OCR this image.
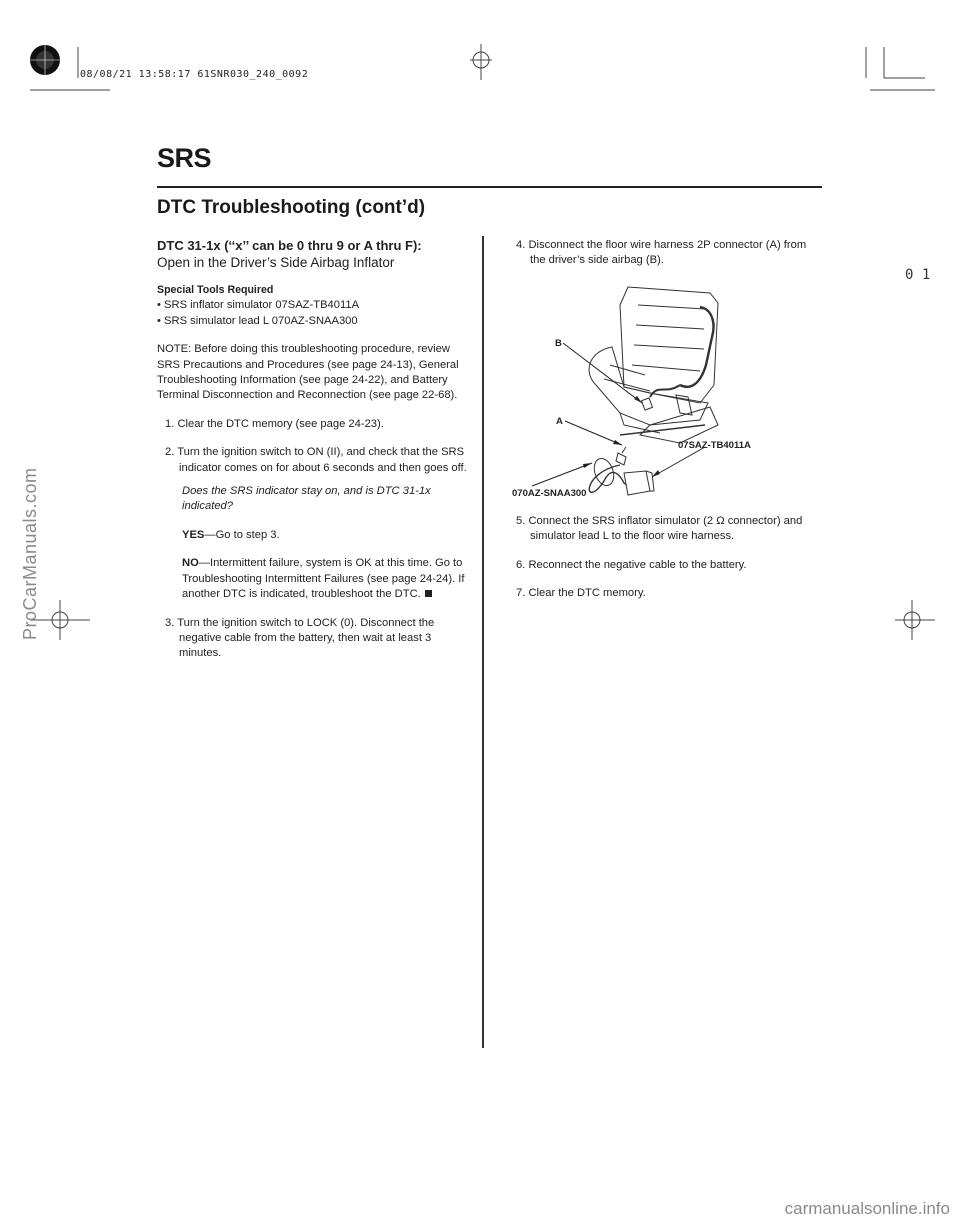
08/08/21 13:58:17 61SNR030_240_0092
SRS
DTC Troubleshooting (cont’d)
0 1
DTC 31-1x (‘‘x’’ can be 0 thru 9 or A thru F):
Open in the Driver’s Side Airbag Inflator
Special Tools Required
• SRS inflator simulator 07SAZ-TB4011A
• SRS simulator lead L 070AZ-SNAA300

NOTE: Before doing this troubleshooting procedure, review SRS Precautions and Procedures (see page 24-13), General Troubleshooting Information (see page 24-22), and Battery Terminal Disconnection and Reconnection (see page 22-68).

1. Clear the DTC memory (see page 24-23).

2. Turn the ignition switch to ON (II), and check that the SRS indicator comes on for about 6 seconds and then goes off.

Does the SRS indicator stay on, and is DTC 31-1x indicated?

YES—Go to step 3.

NO—Intermittent failure, system is OK at this time. Go to Troubleshooting Intermittent Failures (see page 24-24). If another DTC is indicated, troubleshoot the DTC.

3. Turn the ignition switch to LOCK (0). Disconnect the negative cable from the battery, then wait at least 3 minutes.

4. Disconnect the floor wire harness 2P connector (A) from the driver’s side airbag (B).

B
A
07SAZ-TB4011A
070AZ-SNAA300

5. Connect the SRS inflator simulator (2 Ω connector) and simulator lead L to the floor wire harness.

6. Reconnect the negative cable to the battery.

7. Clear the DTC memory.

ProCarManuals.com
carmanualsonline.info
